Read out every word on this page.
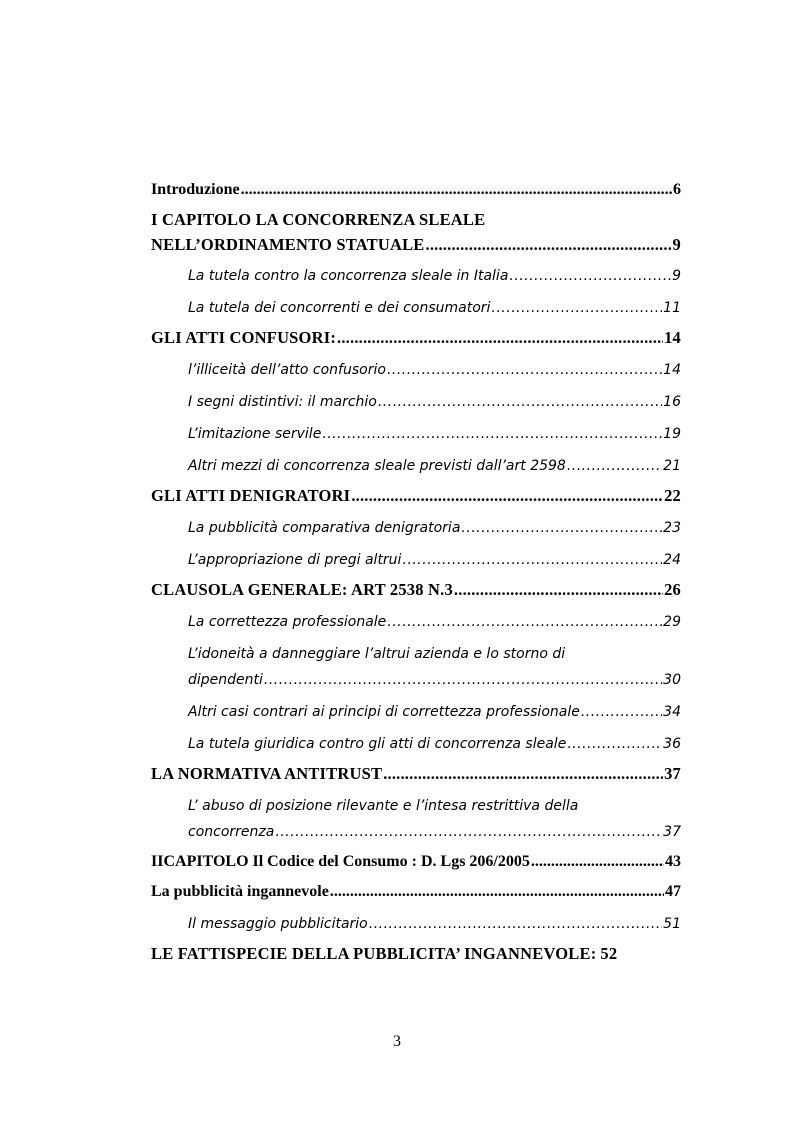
Introduzione .....	6
I CAPITOLO LA CONCORRENZA SLEALE
NELL’ORDINAMENTO STATUALE .....	9
La tutela contro la concorrenza sleale in Italia .....	9
La tutela dei concorrenti e dei consumatori .....	11
GLI ATTI CONFUSORI: .....	14
l’illiceità dell’atto confusorio .....	14
I segni distintivi: il marchio .....	16
L’imitazione servile .....	19
Altri mezzi di concorrenza sleale previsti dall’art 2598 .....	21
GLI ATTI DENIGRATORI .....	22
La pubblicità comparativa denigratoria .....	23
L’appropriazione di pregi altrui .....	24
CLAUSOLA GENERALE: ART 2538 N.3 .....	26
La correttezza professionale .....	29
L’idoneità a danneggiare l’altrui azienda e lo storno di
dipendenti .....	30
Altri casi contrari ai principi di correttezza professionale .....	34
La tutela giuridica contro gli atti di concorrenza sleale .....	36
LA NORMATIVA ANTITRUST .....	37
L’ abuso di posizione rilevante e l’intesa restrittiva della
concorrenza .....	37
IICAPITOLO Il Codice del Consumo : D. Lgs 206/2005 .....	43
La pubblicità ingannevole .....	47
Il messaggio pubblicitario .....	51
LE FATTISPECIE DELLA PUBBLICITA’ INGANNEVOLE: 52
3
